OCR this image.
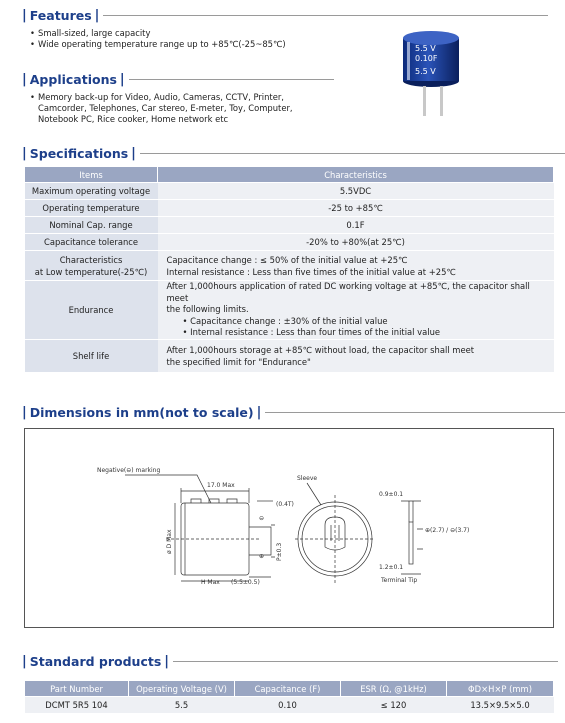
| Features |
• Small-sized, large capacity
• Wide operating temperature range up to +85℃(-25~85℃)	5.5 V
0.10F
5.5 V
| Applications |
• Memory back-up for Video, Audio, Cameras, CCTV, Printer,
Camcorder, Telephones, Car stereo, E-meter, Toy, Computer,
Notebook PC, Rice cooker, Home network etc
| Specifications |
Items	Characteristics
Maximum operating voltage	5.5VDC
Operating temperature	-25 to +85℃
Nominal Cap. range	0.1F
Capacitance tolerance	-20% to +80%(at 25℃)
Characteristics
at Low temperature(-25℃)	Capacitance change : ≤ 50% of the initial value at +25℃
Internal resistance : Less than five times of the initial value at +25℃
Endurance	After 1,000hours application of rated DC working voltage at +85℃, the capacitor shall meet
the following limits.
• Capacitance change : ±30% of the initial value
• Internal resistance : Less than four times of the initial value
Shelf life	After 1,000hours storage at +85℃ without load, the capacitor shall meet
the specified limit for "Endurance"
| Dimensions in mm(not to scale) |
Negative(⊖) marking
17.0 Max
Sleeve
(0.4T)
H Max (5.5±0.5)
0.9±0.1
1.2±0.1
Terminal Tip
⊕(2.7) / ⊖(3.7)
⊖
⊕
ø D Max	P±0.3
| Standard products |
Part Number	Operating Voltage (V)	Capacitance (F)	ESR (Ω, @1kHz)	ΦD×H×P (mm)
DCMT 5R5 104	5.5	0.10	≤ 120	13.5×9.5×5.0
